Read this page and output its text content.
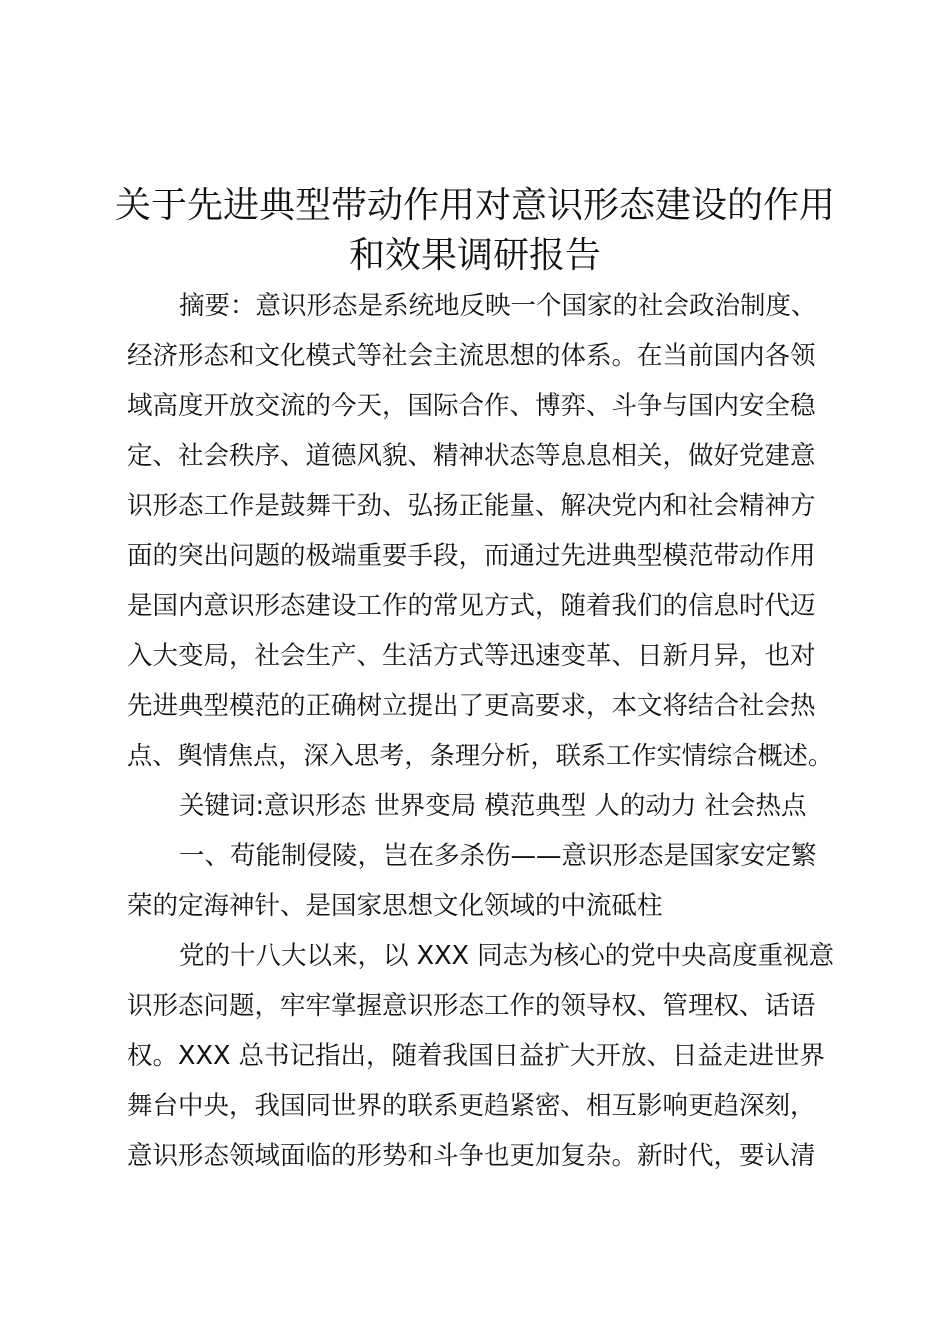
关于先进典型带动作用对意识形态建设的作用
和效果调研报告

摘要：意识形态是系统地反映一个国家的社会政治制度、

经济形态和文化模式等社会主流思想的体系。在当前国内各领

域高度开放交流的今天，国际合作、博弈、斗争与国内安全稳

定、社会秩序、道德风貌、精神状态等息息相关，做好党建意

识形态工作是鼓舞干劲、弘扬正能量、解决党内和社会精神方

面的突出问题的极端重要手段，而通过先进典型模范带动作用

是国内意识形态建设工作的常见方式，随着我们的信息时代迈

入大变局，社会生产、生活方式等迅速变革、日新月异，也对

先进典型模范的正确树立提出了更高要求，本文将结合社会热

点、舆情焦点，深入思考，条理分析，联系工作实情综合概述。

关键词:意识形态 世界变局 模范典型 人的动力 社会热点

一、苟能制侵陵，岂在多杀伤——意识形态是国家安定繁

荣的定海神针、是国家思想文化领域的中流砥柱

党的十八大以来，以 XXX 同志为核心的党中央高度重视意

识形态问题，牢牢掌握意识形态工作的领导权、管理权、话语

权。XXX 总书记指出，随着我国日益扩大开放、日益走进世界

舞台中央，我国同世界的联系更趋紧密、相互影响更趋深刻，

意识形态领域面临的形势和斗争也更加复杂。新时代，要认清
